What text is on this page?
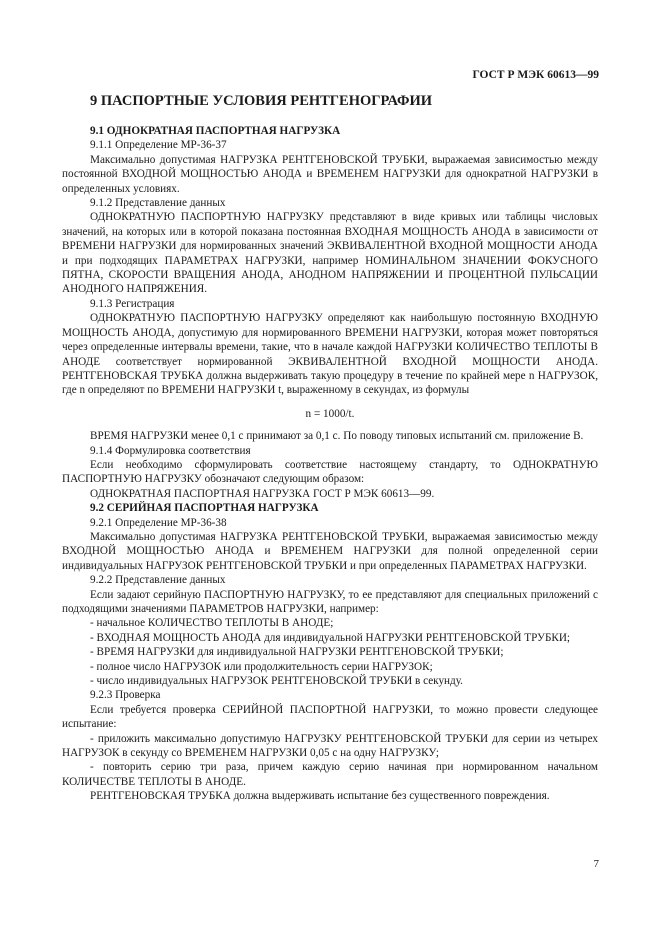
ГОСТ Р МЭК 60613—99
9 ПАСПОРТНЫЕ УСЛОВИЯ РЕНТГЕНОГРАФИИ
9.1 ОДНОКРАТНАЯ ПАСПОРТНАЯ НАГРУЗКА
9.1.1 Определение МР-36-37
Максимально допустимая НАГРУЗКА РЕНТГЕНОВСКОЙ ТРУБКИ, выражаемая зависимостью между постоянной ВХОДНОЙ МОЩНОСТЬЮ АНОДА и ВРЕМЕНЕМ НАГРУЗКИ для однократной НАГРУЗКИ в определенных условиях.
9.1.2 Представление данных
ОДНОКРАТНУЮ ПАСПОРТНУЮ НАГРУЗКУ представляют в виде кривых или таблицы числовых значений, на которых или в которой показана постоянная ВХОДНАЯ МОЩНОСТЬ АНОДА в зависимости от ВРЕМЕНИ НАГРУЗКИ для нормированных значений ЭКВИВАЛЕНТНОЙ ВХОДНОЙ МОЩНОСТИ АНОДА и при подходящих ПАРАМЕТРАХ НАГРУЗКИ, например НОМИНАЛЬНОМ ЗНАЧЕНИИ ФОКУСНОГО ПЯТНА, СКОРОСТИ ВРАЩЕНИЯ АНОДА, АНОДНОМ НАПРЯЖЕНИИ И ПРОЦЕНТНОЙ ПУЛЬСАЦИИ АНОДНОГО НАПРЯЖЕНИЯ.
9.1.3 Регистрация
ОДНОКРАТНУЮ ПАСПОРТНУЮ НАГРУЗКУ определяют как наибольшую постоянную ВХОДНУЮ МОЩНОСТЬ АНОДА, допустимую для нормированного ВРЕМЕНИ НАГРУЗКИ, которая может повторяться через определенные интервалы времени, такие, что в начале каждой НАГРУЗКИ КОЛИЧЕСТВО ТЕПЛОТЫ В АНОДЕ соответствует нормированной ЭКВИВАЛЕНТНОЙ ВХОДНОЙ МОЩНОСТИ АНОДА. РЕНТГЕНОВСКАЯ ТРУБКА должна выдерживать такую процедуру в течение по крайней мере n НАГРУЗОК, где n определяют по ВРЕМЕНИ НАГРУЗКИ t, выраженному в секундах, из формулы
n = 1000/t.
ВРЕМЯ НАГРУЗКИ менее 0,1 с принимают за 0,1 с. По поводу типовых испытаний см. приложение В.
9.1.4 Формулировка соответствия
Если необходимо сформулировать соответствие настоящему стандарту, то ОДНОКРАТНУЮ ПАСПОРТНУЮ НАГРУЗКУ обозначают следующим образом:
ОДНОКРАТНАЯ ПАСПОРТНАЯ НАГРУЗКА ГОСТ Р МЭК 60613—99.
9.2 СЕРИЙНАЯ ПАСПОРТНАЯ НАГРУЗКА
9.2.1 Определение МР-36-38
Максимально допустимая НАГРУЗКА РЕНТГЕНОВСКОЙ ТРУБКИ, выражаемая зависимостью между ВХОДНОЙ МОЩНОСТЬЮ АНОДА и ВРЕМЕНЕМ НАГРУЗКИ для полной определенной серии индивидуальных НАГРУЗОК РЕНТГЕНОВСКОЙ ТРУБКИ и при определенных ПАРАМЕТРАХ НАГРУЗКИ.
9.2.2 Представление данных
Если задают серийную ПАСПОРТНУЮ НАГРУЗКУ, то ее представляют для специальных приложений с подходящими значениями ПАРАМЕТРОВ НАГРУЗКИ, например:
- начальное КОЛИЧЕСТВО ТЕПЛОТЫ В АНОДЕ;
- ВХОДНАЯ МОЩНОСТЬ АНОДА для индивидуальной НАГРУЗКИ РЕНТГЕНОВСКОЙ ТРУБКИ;
- ВРЕМЯ НАГРУЗКИ для индивидуальной НАГРУЗКИ РЕНТГЕНОВСКОЙ ТРУБКИ;
- полное число НАГРУЗОК или продолжительность серии НАГРУЗОК;
- число индивидуальных НАГРУЗОК РЕНТГЕНОВСКОЙ ТРУБКИ в секунду.
9.2.3 Проверка
Если требуется проверка СЕРИЙНОЙ ПАСПОРТНОЙ НАГРУЗКИ, то можно провести следующее испытание:
- приложить максимально допустимую НАГРУЗКУ РЕНТГЕНОВСКОЙ ТРУБКИ для серии из четырех НАГРУЗОК в секунду со ВРЕМЕНЕМ НАГРУЗКИ 0,05 с на одну НАГРУЗКУ;
- повторить серию три раза, причем каждую серию начиная при нормированном начальном КОЛИЧЕСТВЕ ТЕПЛОТЫ В АНОДЕ.
РЕНТГЕНОВСКАЯ ТРУБКА должна выдерживать испытание без существенного повреждения.
7
